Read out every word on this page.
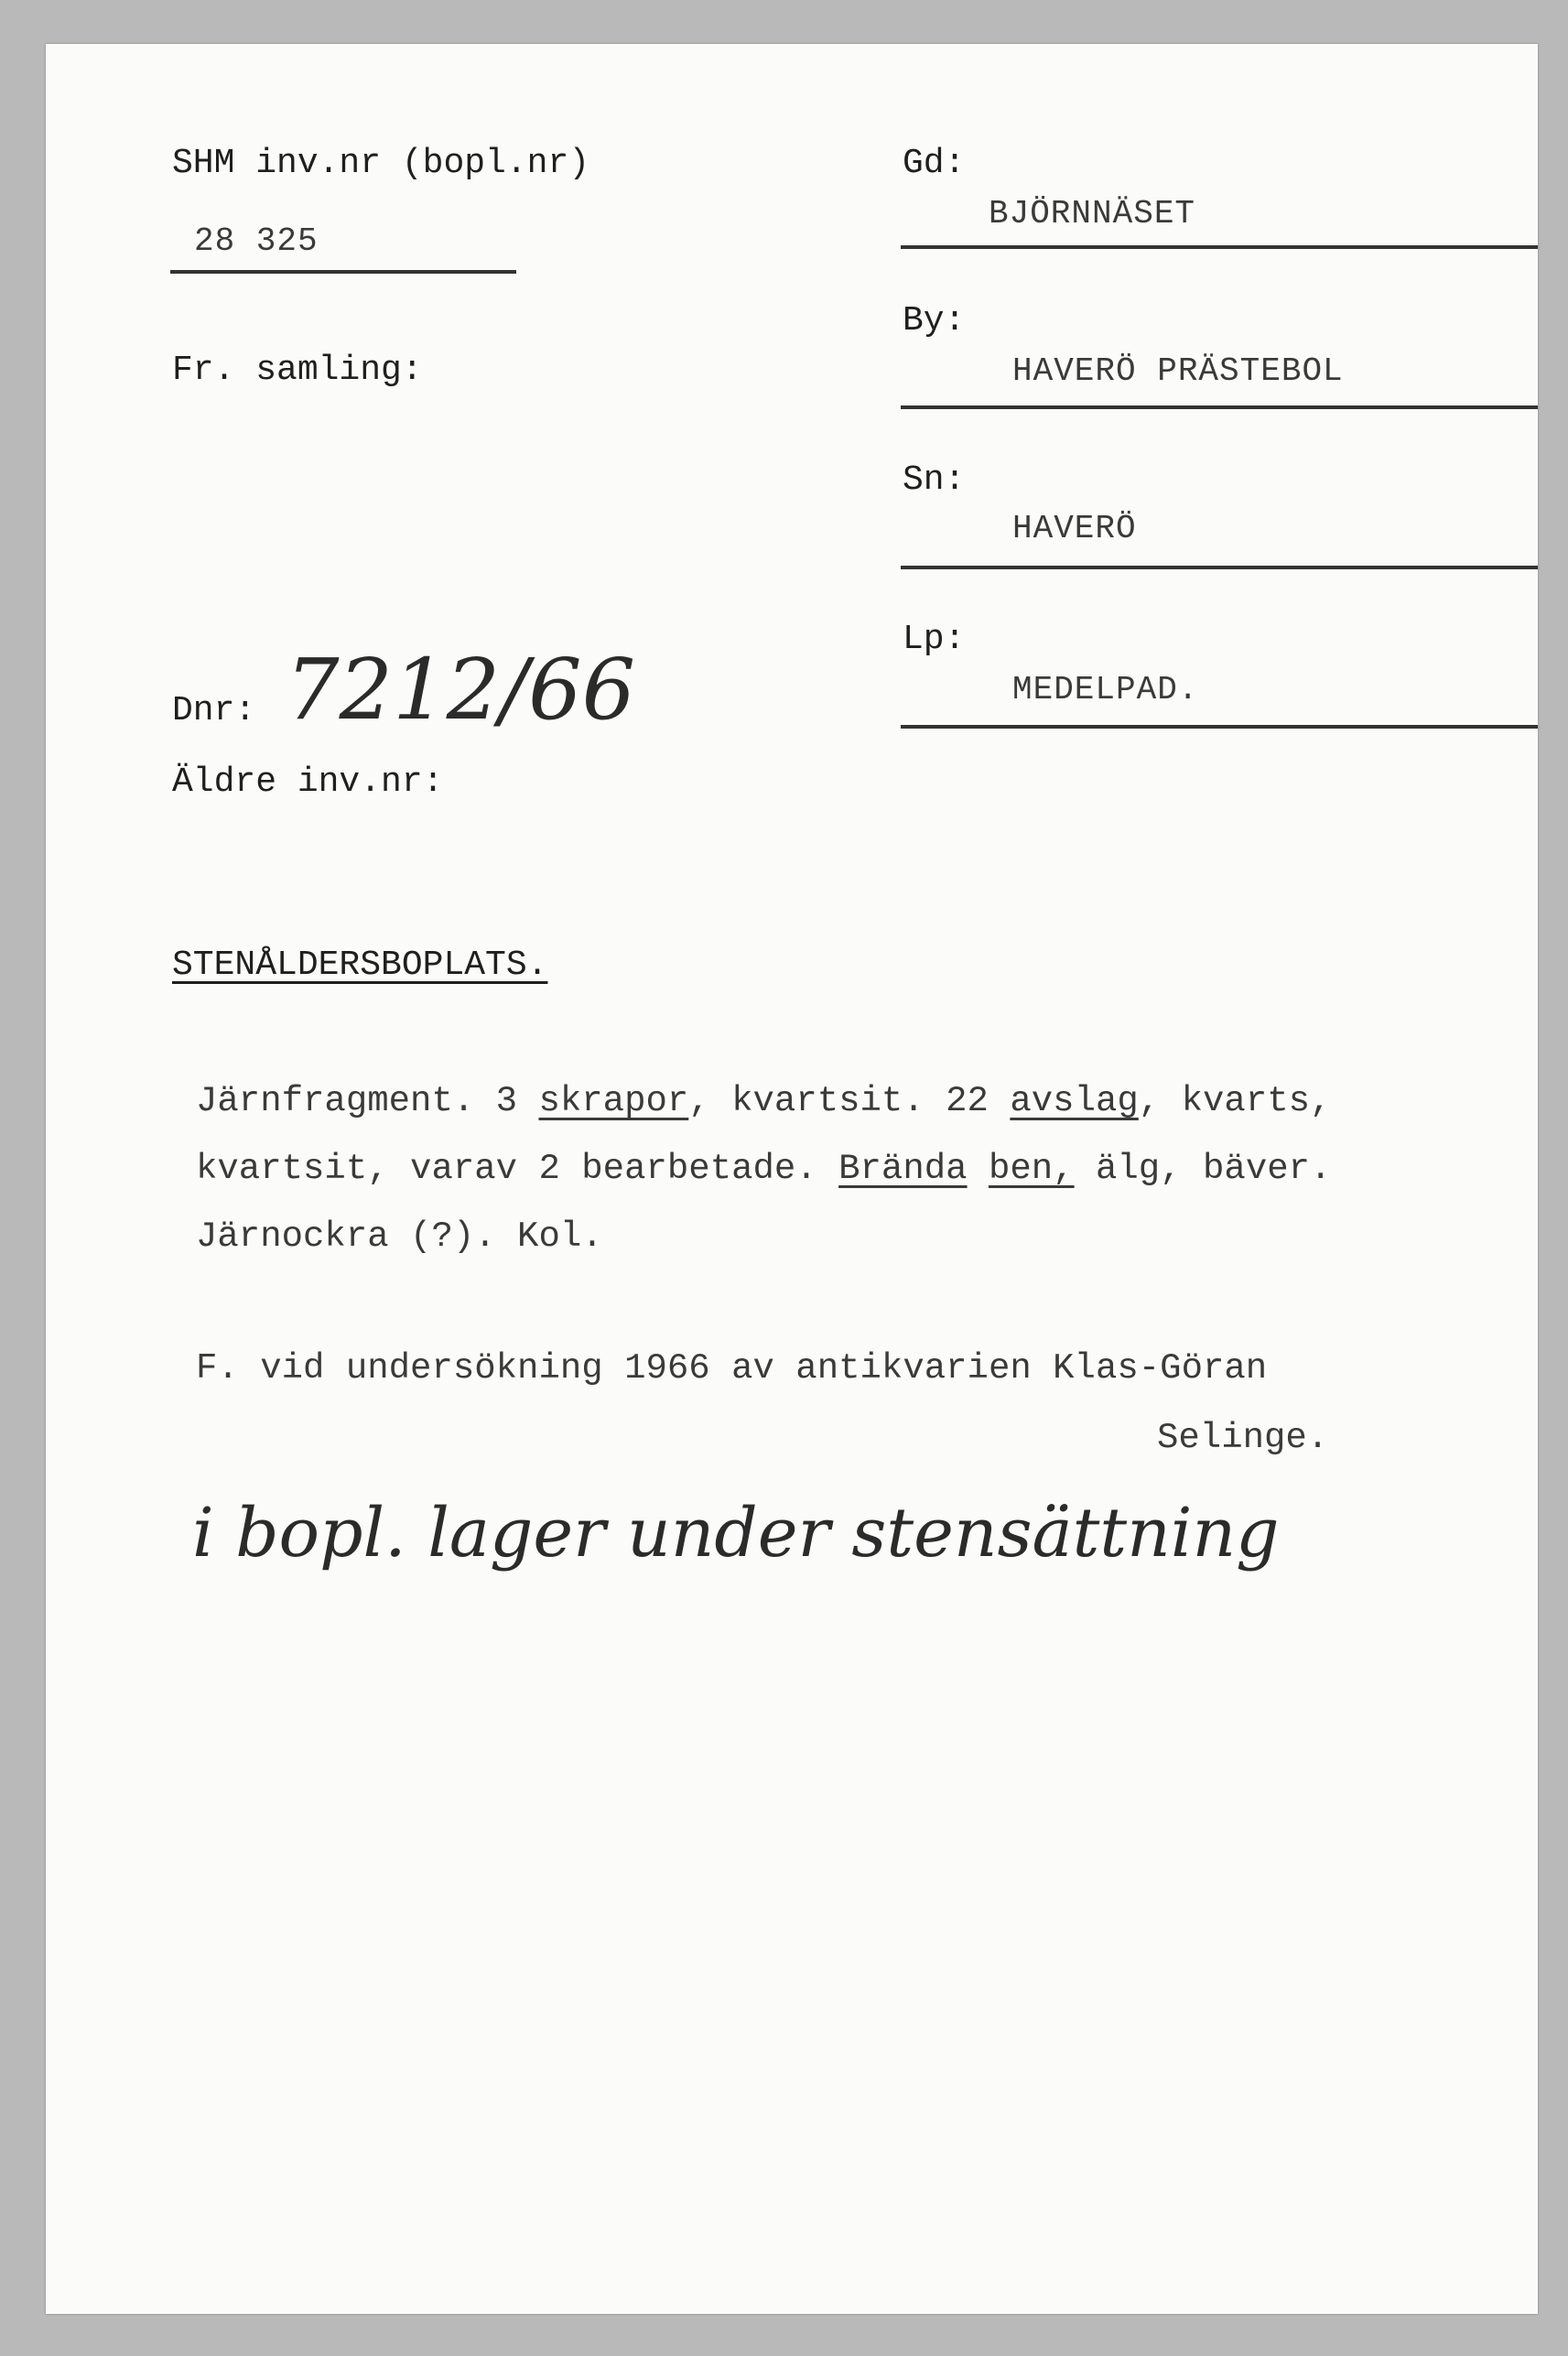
SHM inv.nr (bopl.nr)
28 325
Fr. samling:
Dnr: 7212/66
Äldre inv.nr:
Gd:
BJÖRNNÄSET
By:
HAVERÖ PRÄSTEBOL
Sn:
HAVERÖ
Lp:
MEDELPAD.
STENÅLDERSBOPLATS.
Järnfragment. 3 skrapor, kvartsit. 22 avslag, kvarts,
kvartsit, varav 2 bearbetade. Brända ben, älg, bäver.
Järnockra (?). Kol.
F. vid undersökning 1966 av antikvarien Klas-Göran
Selinge.
i bopl. lager under stensättning
